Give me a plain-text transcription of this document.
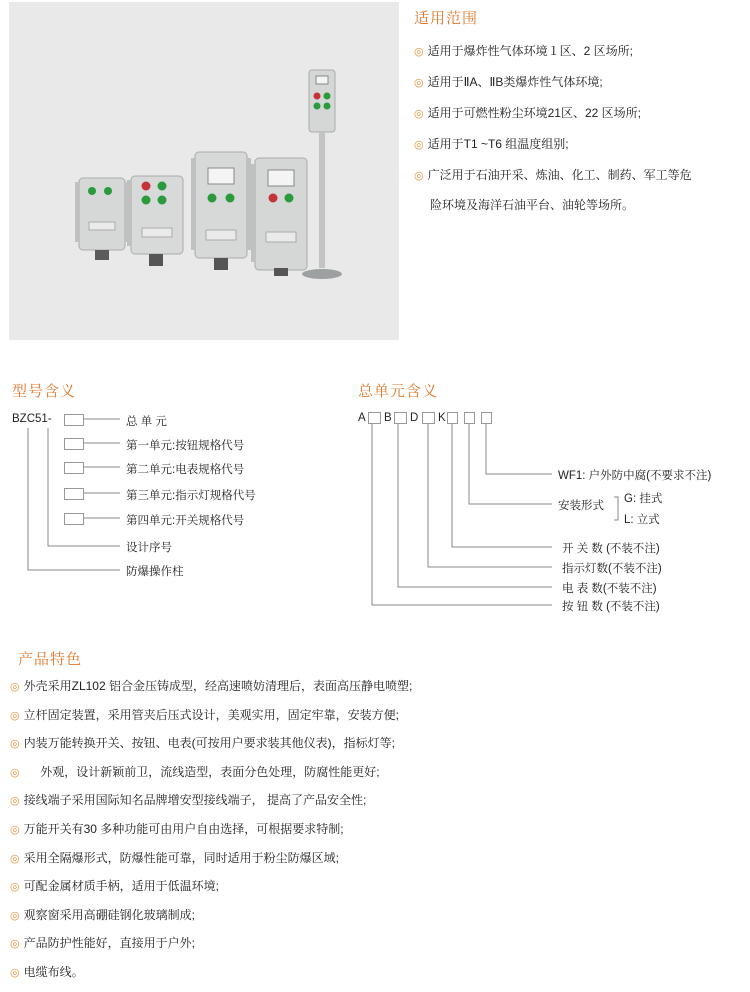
适用范围
◎ 适用于爆炸性气体环境１区、2 区场所;
◎ 适用于ⅡA、ⅡB类爆炸性气体环境;
◎ 适用于可燃性粉尘环境21区、22 区场所;
◎ 适用于T1 ~T6 组温度组别;
◎ 广泛用于石油开采、炼油、化工、制药、军工等危
险环境及海洋石油平台、油轮等场所。
型号含义
BZC51-	总 单 元
第一单元:按钮规格代号
第二单元:电表规格代号
第三单元:指示灯规格代号
第四单元:开关规格代号
设计序号
防爆操作柱
总单元含义
A B D K
WF1: 户外防中腐(不要求不注)
安装形式
G: 挂式
L: 立式
开 关 数 (不装不注)
指示灯数(不装不注)
电 表 数(不装不注)
按 钮 数 (不装不注)
产品特色
◎ 外壳采用ZL102 铝合金压铸成型，经高速喷妨清理后，表面高压静电喷塑;
◎ 立杆固定装置，采用管夹后压式设计，美观实用，固定牢靠，安装方便;
◎ 内装万能转换开关、按钮、电表(可按用户要求装其他仪表)，指标灯等;
◎     外观，设计新颖前卫，流线造型，表面分色处理，防腐性能更好;
◎ 接线端子采用国际知名品牌增安型接线端子， 提高了产品安全性;
◎ 万能开关有30 多种功能可由用户自由选择，可根据要求特制;
◎ 采用全隔爆形式，防爆性能可靠，同时适用于粉尘防爆区域;
◎ 可配金属材质手柄，适用于低温环境;
◎ 观察窗采用高硼硅钢化玻璃制成;
◎ 产品防护性能好，直接用于户外;
◎ 电缆布线。
